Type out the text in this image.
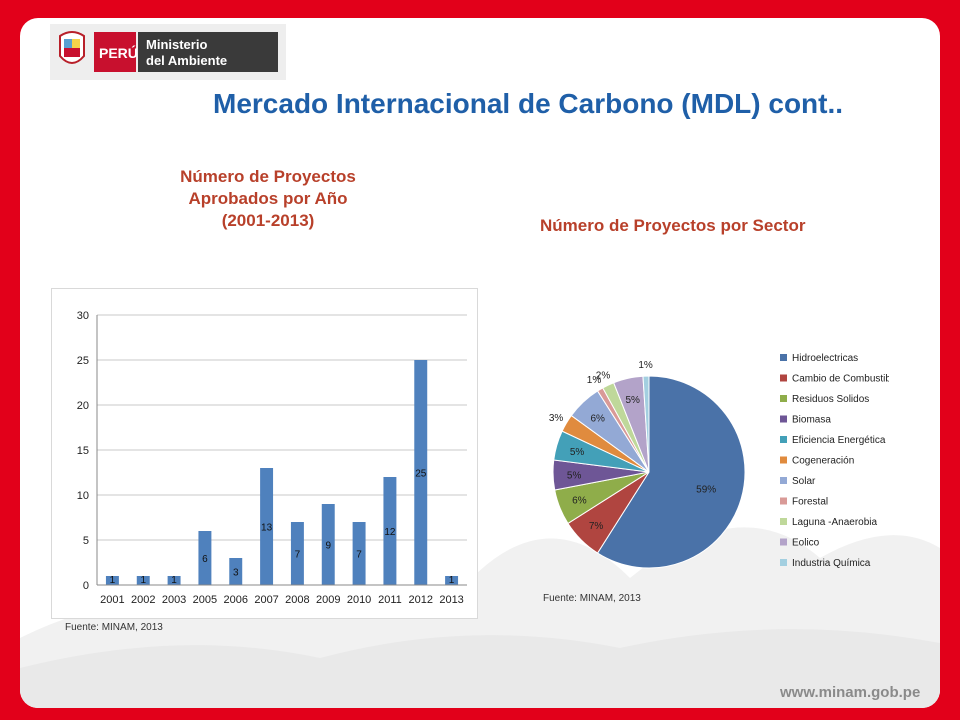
PERÚ
Ministerio
del Ambiente
Mercado Internacional de Carbono (MDL) cont..
Número de Proyectos
Aprobados por Año
(2001-2013)	Número de Proyectos por Sector
0
5
10
15
20
25
30
1
2001
1
2002
1
2003
6
2005
3
2006
13
2007
7
2008
9
2009
7
2010
12
2011
25
2012
1
2013
59%
7%
6%
5%
5%
3%	6%
1%
2%
5%
1%
Hidroelectricas
Cambio de Combustible
Residuos Solidos
Biomasa
Eficiencia Energética
Cogeneración
Solar
Forestal
Laguna -Anaerobia
Eolico
Industria Química
Fuente: MINAM, 2013
Fuente: MINAM, 2013
www.minam.gob.pe
